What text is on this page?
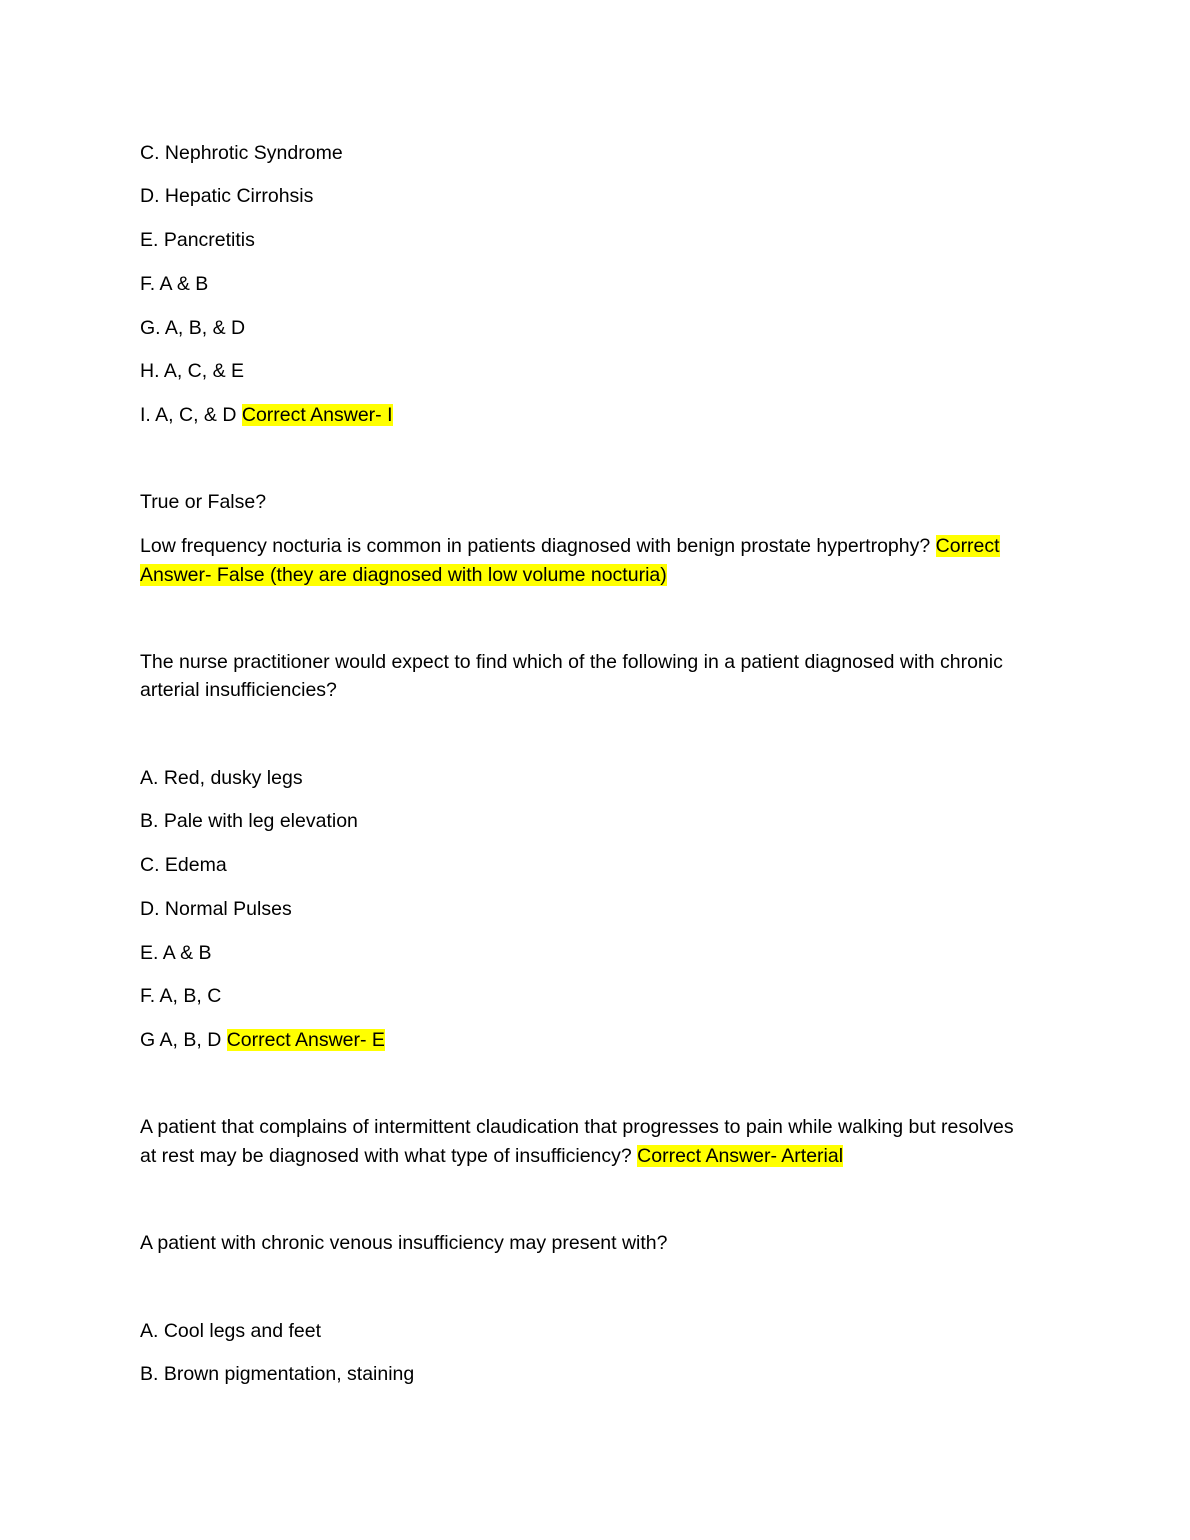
C. Nephrotic Syndrome
D. Hepatic Cirrohsis
E. Pancretitis
F. A & B
G. A, B, & D
H. A, C, & E
I. A, C, & D Correct Answer- I
True or False?
Low frequency nocturia is common in patients diagnosed with benign prostate hypertrophy? Correct
Answer- False (they are diagnosed with low volume nocturia)
The nurse practitioner would expect to find which of the following in a patient diagnosed with chronic
arterial insufficiencies?
A. Red, dusky legs
B. Pale with leg elevation
C. Edema
D. Normal Pulses
E. A & B
F. A, B, C
G A, B, D Correct Answer- E
A patient that complains of intermittent claudication that progresses to pain while walking but resolves
at rest may be diagnosed with what type of insufficiency? Correct Answer- Arterial
A patient with chronic venous insufficiency may present with?
A. Cool legs and feet
B. Brown pigmentation, staining
